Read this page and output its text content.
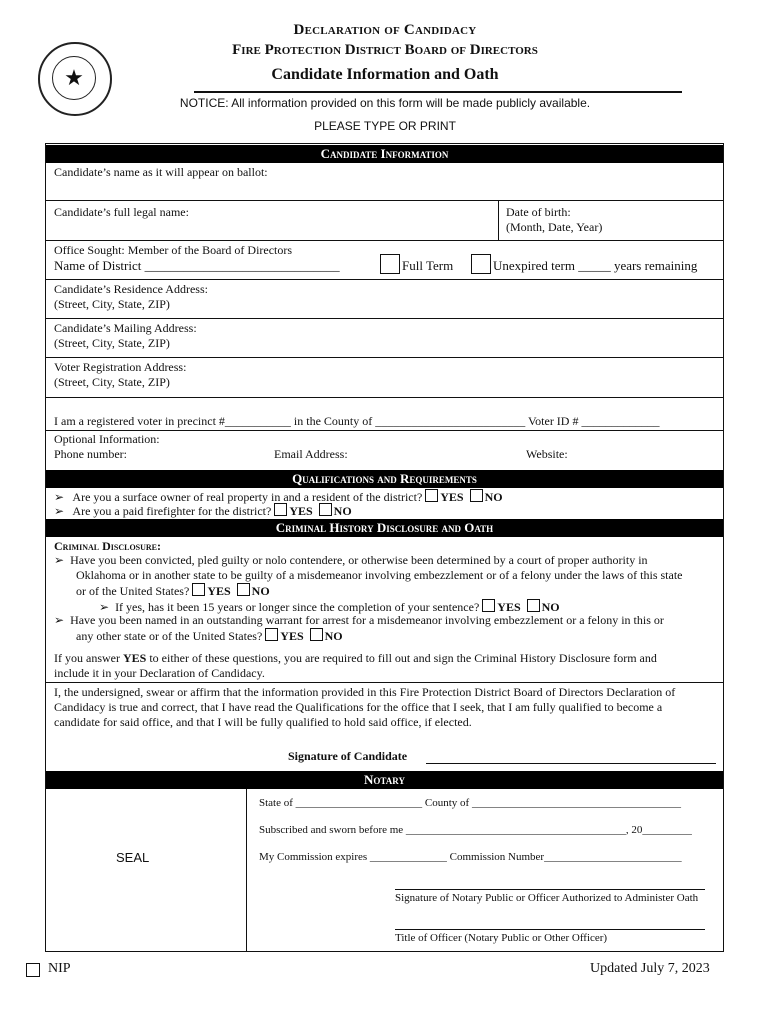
★
Declaration of Candidacy
Fire Protection District Board of Directors
Candidate Information and Oath
NOTICE: All information provided on this form will be made publicly available.
PLEASE TYPE OR PRINT
Candidate Information
Candidate’s name as it will appear on ballot:
Candidate’s full legal name:	Date of birth:
(Month, Date, Year)
Office Sought: Member of the Board of Directors
Name of District ______________________________	Full Term	Unexpired term _____ years remaining
Candidate’s Residence Address:
(Street, City, State, ZIP)
Candidate’s Mailing Address:
(Street, City, State, ZIP)
Voter Registration Address:
(Street, City, State, ZIP)
I am a registered voter in precinct #___________ in the County of _________________________ Voter ID # _____________
Optional Information:
Phone number:	Email Address:	Website:
Qualifications and Requirements
➢ Are you a surface owner of real property in and a resident of the district? YES NO
➢ Are you a paid firefighter for the district? YES NO
Criminal History Disclosure and Oath
Criminal Disclosure:
➢ Have you been convicted, pled guilty or nolo contendere, or otherwise been determined by a court of proper authority in
Oklahoma or in another state to be guilty of a misdemeanor involving embezzlement or of a felony under the laws of this state
or of the United States? YES NO
➢ If yes, has it been 15 years or longer since the completion of your sentence? YES NO
➢ Have you been named in an outstanding warrant for arrest for a misdemeanor involving embezzlement or a felony in this or
any other state or of the United States? YES NO
If you answer YES to either of these questions, you are required to fill out and sign the Criminal History Disclosure form and
include it in your Declaration of Candidacy.
I, the undersigned, swear or affirm that the information provided in this Fire Protection District Board of Directors Declaration of
Candidacy is true and correct, that I have read the Qualifications for the office that I seek, that I am fully qualified to become a
candidate for said office, and that I will be fully qualified to hold said office, if elected.
Signature of Candidate
Notary
SEAL
State of _______________________ County of ______________________________________
Subscribed and sworn before me ________________________________________, 20_________
My Commission expires ______________ Commission Number_________________________
Signature of Notary Public or Officer Authorized to Administer Oath
Title of Officer (Notary Public or Other Officer)
NIP	Updated July 7, 2023
